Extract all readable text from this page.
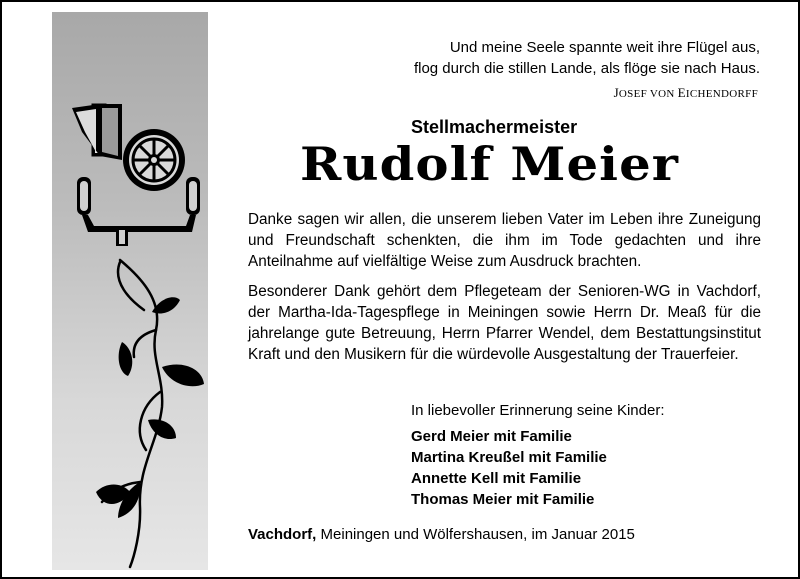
Und meine Seele spannte weit ihre Flügel aus,

flog durch die stillen Lande, als flöge sie nach Haus.

JOSEF VON EICHENDORFF

Stellmachermeister

Rudolf Meier

Danke sagen wir allen, die unserem lieben Vater im Leben ihre Zuneigung und Freundschaft schenkten, die ihm im Tode gedachten und ihre Anteilnahme auf vielfältige Weise zum Ausdruck brachten.

Besonderer Dank gehört dem Pflegeteam der Senioren-WG in Vachdorf, der Martha-Ida-Tagespflege in Meiningen sowie Herrn Dr. Meaß für die jahrelange gute Betreuung, Herrn Pfarrer Wendel, dem Bestattungsinstitut Kraft und den Musikern für die würdevolle Ausgestaltung der Trauerfeier.

In liebevoller Erinnerung seine Kinder:

Gerd Meier mit Familie
Martina Kreußel mit Familie
Annette Kell mit Familie
Thomas Meier mit Familie

Vachdorf, Meiningen und Wölfershausen, im Januar 2015
